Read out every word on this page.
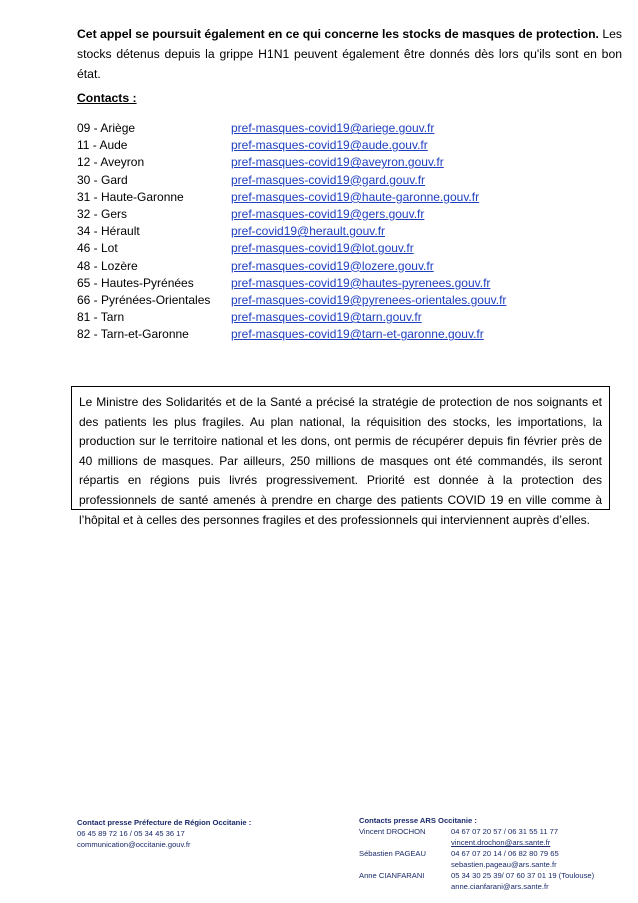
Cet appel se poursuit également en ce qui concerne les stocks de masques de protection. Les stocks détenus depuis la grippe H1N1 peuvent également être donnés dès lors qu'ils sont en bon état.
Contacts :
09 - Ariège	pref-masques-covid19@ariege.gouv.fr
11 - Aude	pref-masques-covid19@aude.gouv.fr
12 - Aveyron	pref-masques-covid19@aveyron.gouv.fr
30 - Gard	pref-masques-covid19@gard.gouv.fr
31 - Haute-Garonne	pref-masques-covid19@haute-garonne.gouv.fr
32 - Gers	pref-masques-covid19@gers.gouv.fr
34 - Hérault	pref-covid19@herault.gouv.fr
46 - Lot	pref-masques-covid19@lot.gouv.fr
48 - Lozère	pref-masques-covid19@lozere.gouv.fr
65 - Hautes-Pyrénées	pref-masques-covid19@hautes-pyrenees.gouv.fr
66 - Pyrénées-Orientales pref-masques-covid19@pyrenees-orientales.gouv.fr
81 - Tarn	pref-masques-covid19@tarn.gouv.fr
82 - Tarn-et-Garonne	pref-masques-covid19@tarn-et-garonne.gouv.fr
Le Ministre des Solidarités et de la Santé a précisé la stratégie de protection de nos soignants et des patients les plus fragiles. Au plan national, la réquisition des stocks, les importations, la production sur le territoire national et les dons, ont permis de récupérer depuis fin février près de 40 millions de masques. Par ailleurs, 250 millions de masques ont été commandés, ils seront répartis en régions puis livrés progressivement. Priorité est donnée à la protection des professionnels de santé amenés à prendre en charge des patients COVID 19 en ville comme à l’hôpital et à celles des personnes fragiles et des professionnels qui interviennent auprès d’elles.
Contact presse Préfecture de Région Occitanie :
06 45 89 72 16 / 05 34 45 36 17
communication@occitanie.gouv.fr
Contacts presse ARS Occitanie :
Vincent DROCHON	04 67 07 20 57 / 06 31 55 11 77
vincent.drochon@ars.sante.fr
Sébastien PAGEAU	04 67 07 20 14 / 06 82 80 79 65
sebastien.pageau@ars.sante.fr
Anne CIANFARANI	05 34 30 25 39/ 07 60 37 01 19 (Toulouse)
anne.cianfarani@ars.sante.fr
